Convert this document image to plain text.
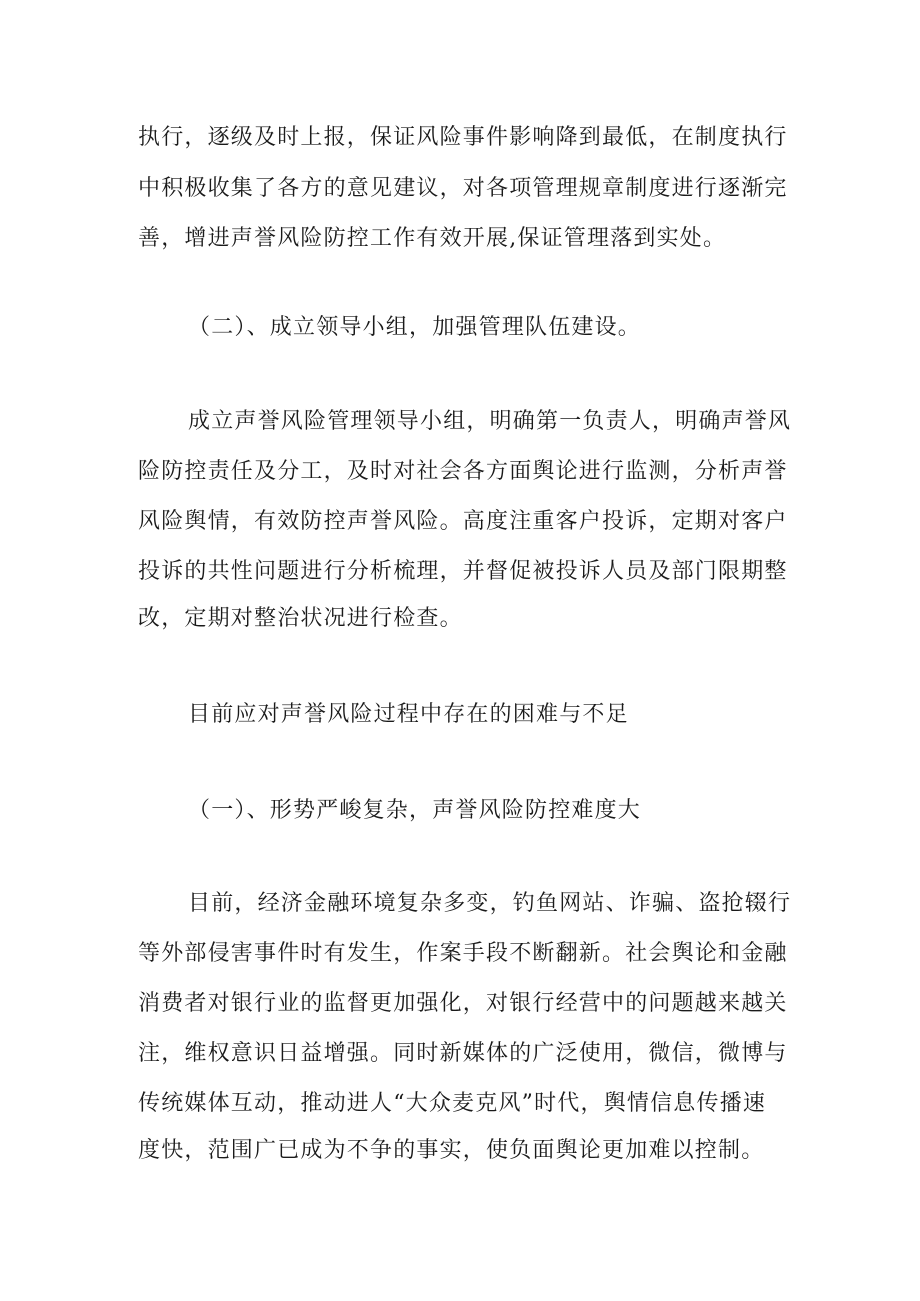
执行，逐级及时上报，保证风险事件影响降到最低，在制度执行
中积极收集了各方的意见建议，对各项管理规章制度进行逐渐完
善，增进声誉风险防控工作有效开展,保证管理落到实处。
（二）、成立领导小组，加强管理队伍建设。
成立声誉风险管理领导小组，明确第一负责人，明确声誉风
险防控责任及分工，及时对社会各方面舆论进行监测，分析声誉
风险舆情，有效防控声誉风险。高度注重客户投诉，定期对客户
投诉的共性问题进行分析梳理，并督促被投诉人员及部门限期整
改，定期对整治状况进行检查。
目前应对声誉风险过程中存在的困难与不足
（一）、形势严峻复杂，声誉风险防控难度大
目前，经济金融环境复杂多变，钓鱼网站、诈骗、盗抢辍行
等外部侵害事件时有发生，作案手段不断翻新。社会舆论和金融
消费者对银行业的监督更加强化，对银行经营中的问题越来越关
注，维权意识日益增强。同时新媒体的广泛使用，微信，微博与
传统媒体互动，推动进人“大众麦克风”时代，舆情信息传播速
度快，范围广已成为不争的事实，使负面舆论更加难以控制。
